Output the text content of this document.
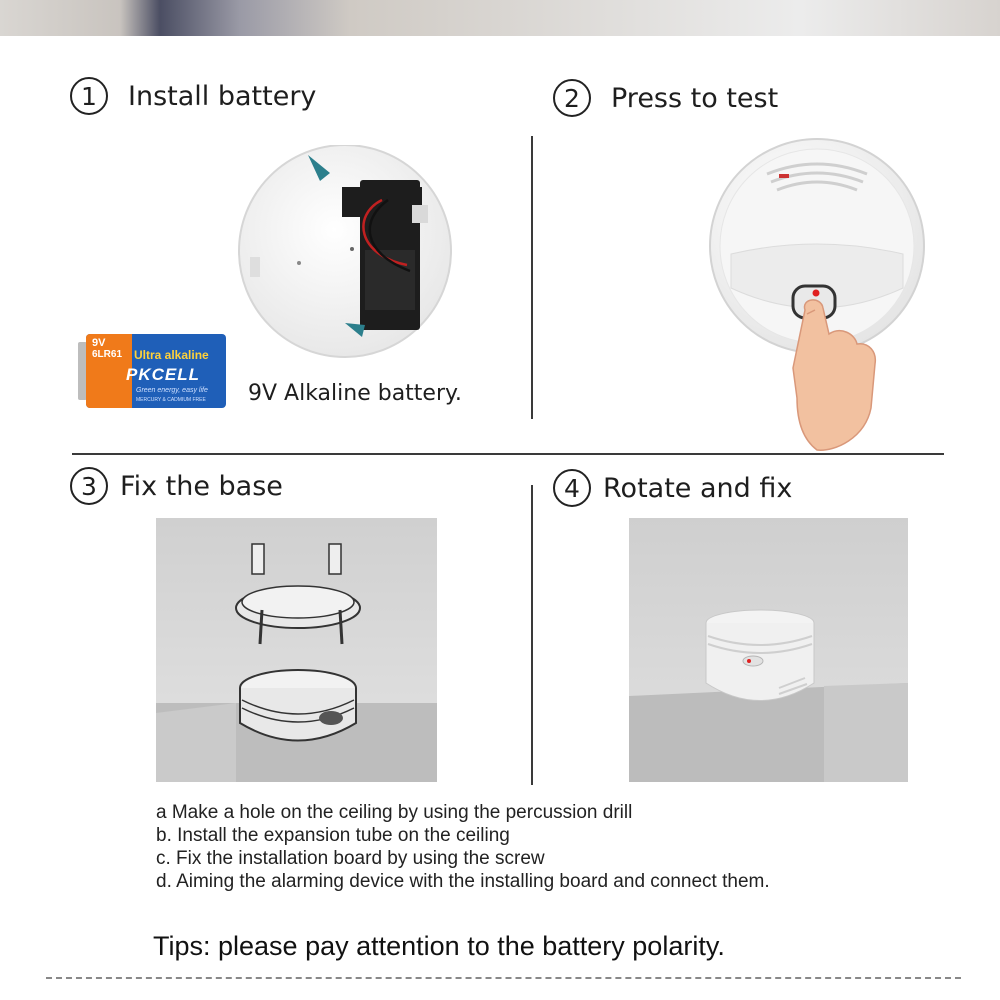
1	Install battery	2	Press to test
3 Fix the base	4 Rotate and fix
9V
6LR61 Ultra alkaline
PKCELL
Green energy, easy life
MERCURY & CADMIUM FREE 9V Alkaline battery.
a Make a hole on the ceiling by using the percussion drill
b. Install the expansion tube on the ceiling
c. Fix the installation board by using the screw
d. Aiming the alarming device with the installing board and connect them.
Tips: please pay attention to the battery polarity.
